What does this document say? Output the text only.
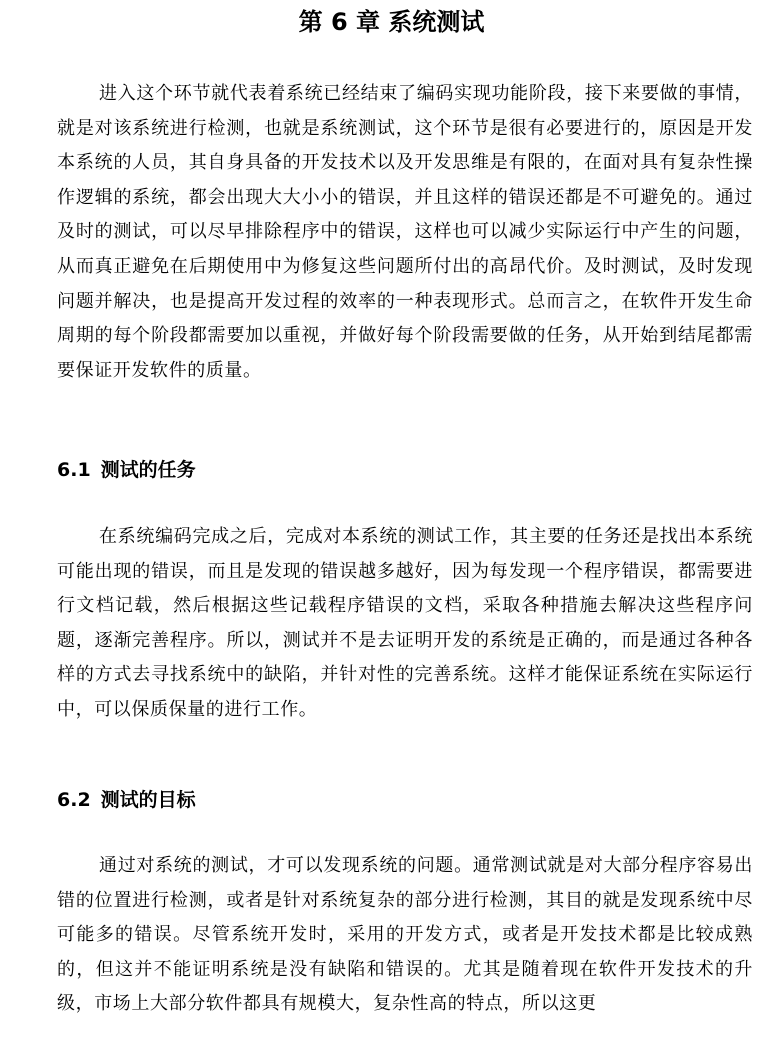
第 6 章 系统测试

进入这个环节就代表着系统已经结束了编码实现功能阶段，接下来要做的事情，就是对该系统进行检测，也就是系统测试，这个环节是很有必要进行的，原因是开发本系统的人员，其自身具备的开发技术以及开发思维是有限的，在面对具有复杂性操作逻辑的系统，都会出现大大小小的错误，并且这样的错误还都是不可避免的。通过及时的测试，可以尽早排除程序中的错误，这样也可以减少实际运行中产生的问题，从而真正避免在后期使用中为修复这些问题所付出的高昂代价。及时测试，及时发现问题并解决，也是提高开发过程的效率的一种表现形式。总而言之，在软件开发生命周期的每个阶段都需要加以重视，并做好每个阶段需要做的任务，从开始到结尾都需要保证开发软件的质量。

6.1 测试的任务

在系统编码完成之后，完成对本系统的测试工作，其主要的任务还是找出本系统可能出现的错误，而且是发现的错误越多越好，因为每发现一个程序错误，都需要进行文档记载，然后根据这些记载程序错误的文档，采取各种措施去解决这些程序问题，逐渐完善程序。所以，测试并不是去证明开发的系统是正确的，而是通过各种各样的方式去寻找系统中的缺陷，并针对性的完善系统。这样才能保证系统在实际运行中，可以保质保量的进行工作。

6.2 测试的目标

通过对系统的测试，才可以发现系统的问题。通常测试就是对大部分程序容易出错的位置进行检测，或者是针对系统复杂的部分进行检测，其目的就是发现系统中尽可能多的错误。尽管系统开发时，采用的开发方式，或者是开发技术都是比较成熟的，但这并不能证明系统是没有缺陷和错误的。尤其是随着现在软件开发技术的升级，市场上大部分软件都具有规模大，复杂性高的特点，所以这更
